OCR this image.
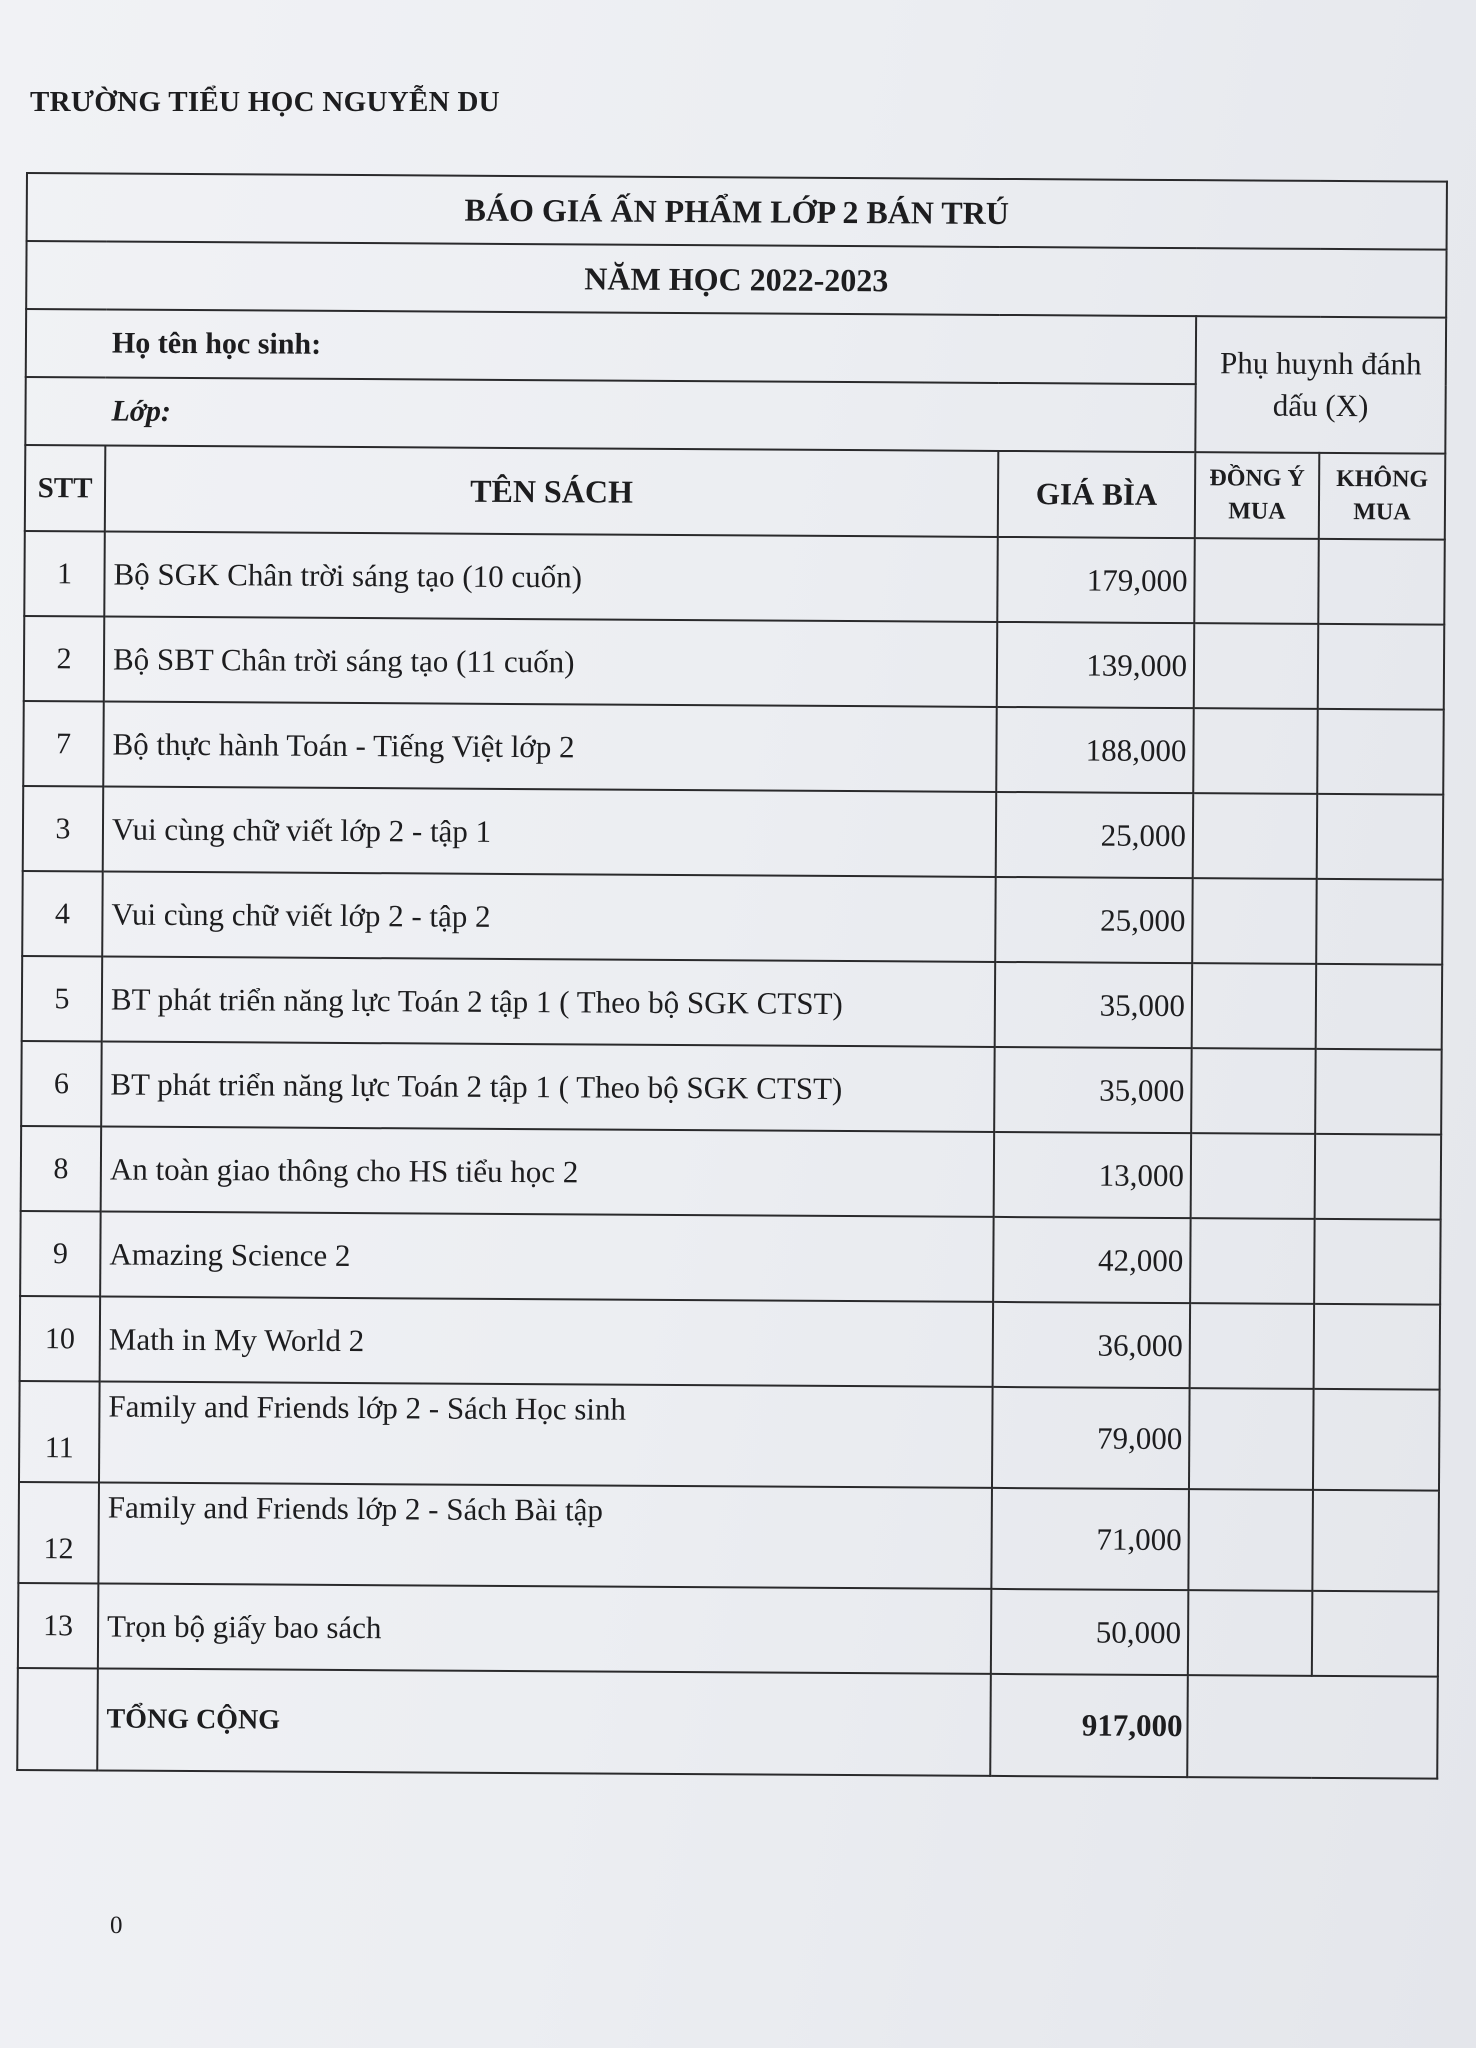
TRƯỜNG TIỂU HỌC NGUYỄN DU
BÁO GIÁ ẤN PHẨM LỚP 2 BÁN TRÚ				
NĂM HỌC 2022-2023				
Họ tên học sinh:			Phụ huynh đánh dấu (X)	
Lớp:				
STT	TÊN SÁCH	GIÁ BÌA	ĐỒNG Ý MUA	KHÔNG MUA
1	Bộ SGK Chân trời sáng tạo (10 cuốn)	179,000		
2	Bộ SBT Chân trời sáng tạo (11 cuốn)	139,000		
7	Bộ thực hành Toán - Tiếng Việt lớp 2	188,000		
3	Vui cùng chữ viết lớp 2 - tập 1	25,000		
4	Vui cùng chữ viết lớp 2 - tập 2	25,000		
5	BT phát triển năng lực Toán 2 tập 1 ( Theo bộ SGK CTST)	35,000		
6	BT phát triển năng lực Toán 2 tập 1 ( Theo bộ SGK CTST)	35,000		
8	An toàn giao thông cho HS tiểu học 2	13,000		
9	Amazing Science 2	42,000		
10	Math in My World 2	36,000		
11	Family and Friends lớp 2 - Sách Học sinh	79,000		
12	Family and Friends lớp 2 - Sách Bài tập	71,000		
13	Trọn bộ giấy bao sách	50,000		
	TỔNG CỘNG	917,000		
0
